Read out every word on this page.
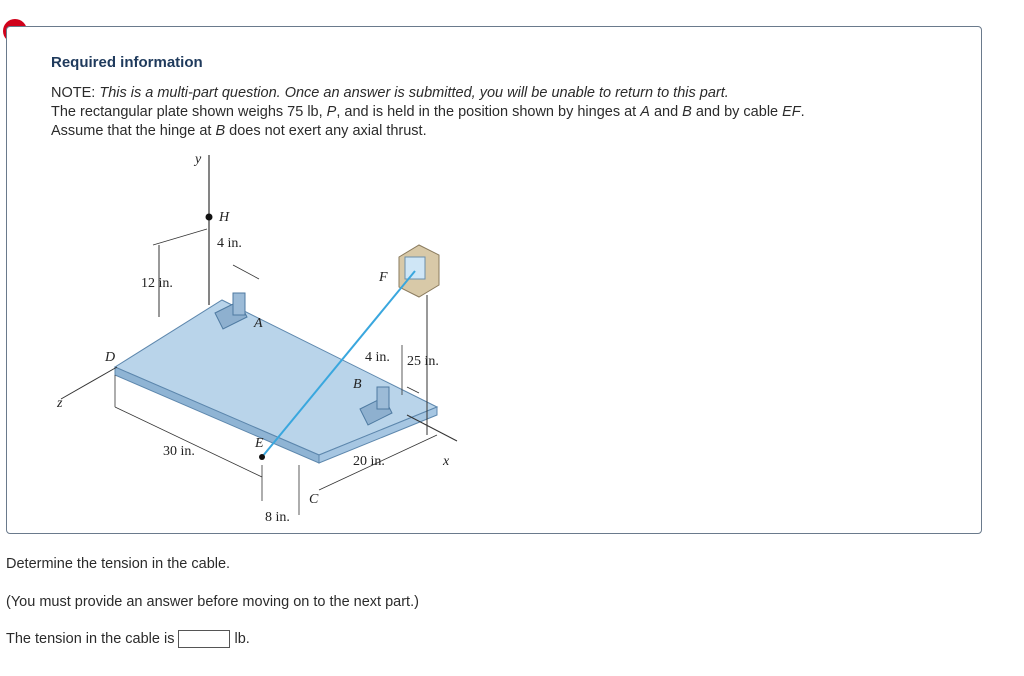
Required information
NOTE: This is a multi-part question. Once an answer is submitted, you will be unable to return to this part.
The rectangular plate shown weighs 75 lb, P, and is held in the position shown by hinges at A and B and by cable EF.
Assume that the hinge at B does not exert any axial thrust.
y
H
4 in.
12 in.
A
B
F
E
4 in. 25 in.
D
z
30 in.
8 in.
C
20 in.	x
Determine the tension in the cable.
(You must provide an answer before moving on to the next part.)
The tension in the cable is	lb.
